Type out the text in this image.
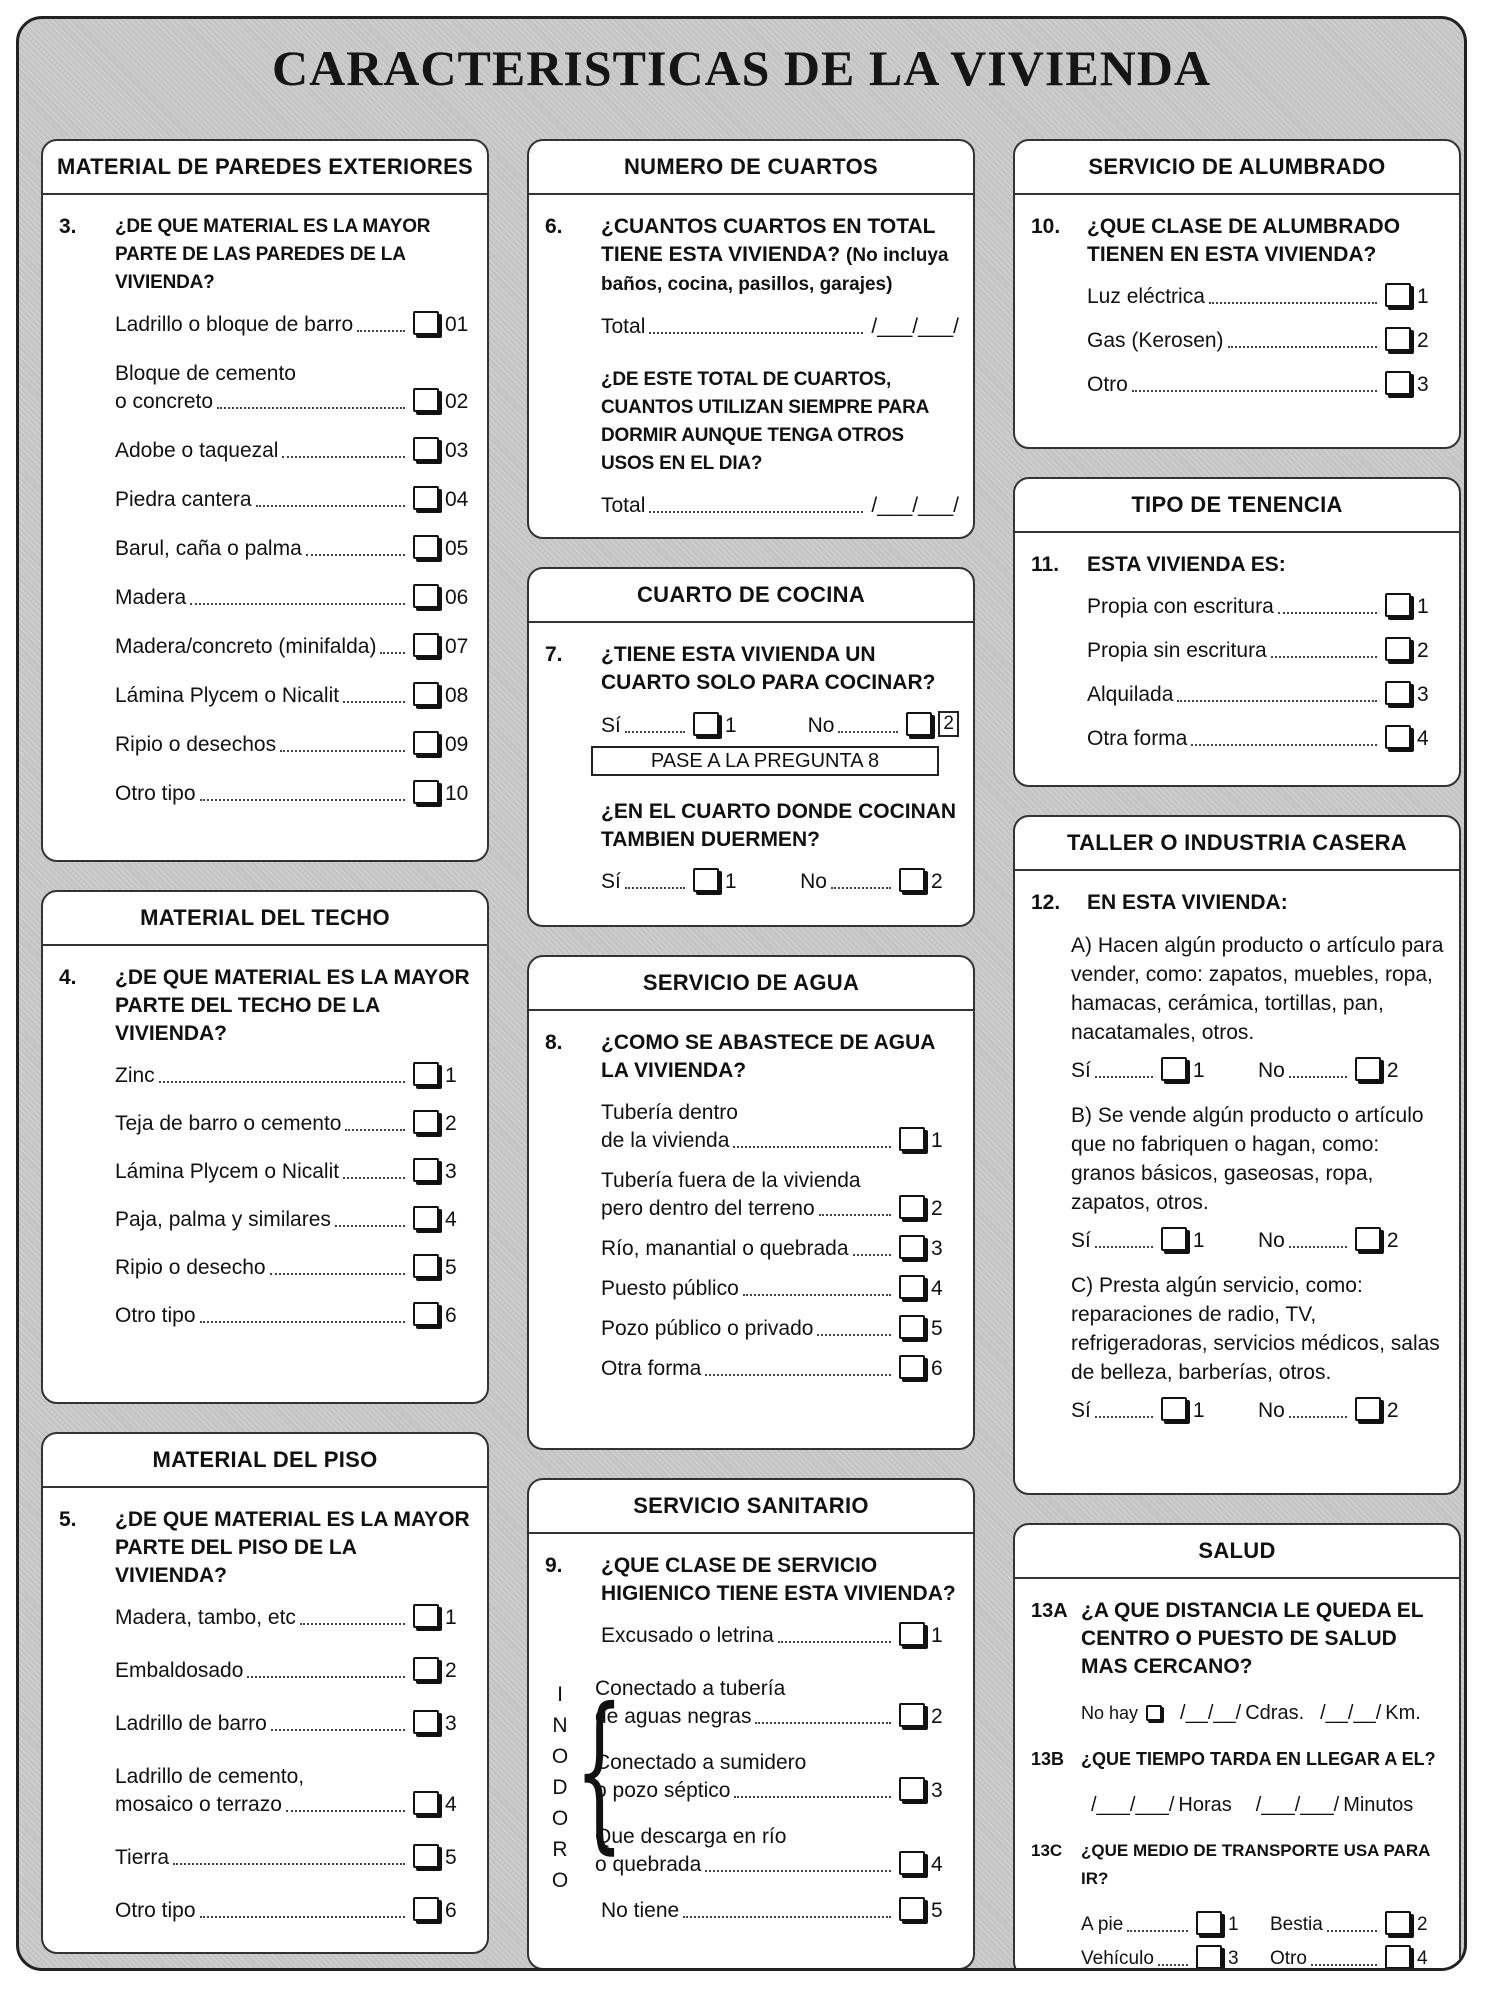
CARACTERISTICAS DE LA VIVIENDA
MATERIAL DE PAREDES EXTERIORES
3.	¿DE QUE MATERIAL ES LA MAYOR PARTE DE LAS PAREDES DE LA VIVIENDA?
Ladrillo o bloque de barro	01
Bloque de cemento
o concreto	02
Adobe o taquezal	03
Piedra cantera	04
Barul, caña o palma	05
Madera	06
Madera/concreto (minifalda)	07
Lámina Plycem o Nicalit	08
Ripio o desechos	09
Otro tipo	10
MATERIAL DEL TECHO
4.	¿DE QUE MATERIAL ES LA MAYOR PARTE DEL TECHO DE LA VIVIENDA?
Zinc	1
Teja de barro o cemento	2
Lámina Plycem o Nicalit	3
Paja, palma y similares	4
Ripio o desecho	5
Otro tipo	6
MATERIAL DEL PISO
5.	¿DE QUE MATERIAL ES LA MAYOR PARTE DEL PISO DE LA VIVIENDA?
Madera, tambo, etc	1
Embaldosado	2
Ladrillo de barro	3
Ladrillo de cemento,
mosaico o terrazo	4
Tierra	5
Otro tipo	6
NUMERO DE CUARTOS
6.	¿CUANTOS CUARTOS EN TOTAL TIENE ESTA VIVIENDA? (No incluya baños, cocina, pasillos, garajes)
Total	/___/___/
¿DE ESTE TOTAL DE CUARTOS, CUANTOS UTILIZAN SIEMPRE PARA DORMIR AUNQUE TENGA OTROS USOS EN EL DIA?
Total	/___/___/
CUARTO DE COCINA
7.	¿TIENE ESTA VIVIENDA UN CUARTO SOLO PARA COCINAR?
Sí	1	No	2
PASE A LA PREGUNTA 8
¿EN EL CUARTO DONDE COCINAN TAMBIEN DUERMEN?
Sí	1	No	2
SERVICIO DE AGUA
8.	¿COMO SE ABASTECE DE AGUA LA VIVIENDA?
Tubería dentro
de la vivienda	1
Tubería fuera de la vivienda
pero dentro del terreno	2
Río, manantial o quebrada	3
Puesto público	4
Pozo público o privado	5
Otra forma	6
SERVICIO SANITARIO
9.	¿QUE CLASE DE SERVICIO HIGIENICO TIENE ESTA VIVIENDA?
Excusado o letrina	1
I
N
O
D
O
R
O
{
Conectado a tubería
de aguas negras	2
Conectado a sumidero
o pozo séptico	3
Que descarga en río
o quebrada	4
No tiene	5
SERVICIO DE ALUMBRADO
10.	¿QUE CLASE DE ALUMBRADO TIENEN EN ESTA VIVIENDA?
Luz eléctrica	1
Gas (Kerosen)	2
Otro	3
TIPO DE TENENCIA
11.	ESTA VIVIENDA ES:
Propia con escritura	1
Propia sin escritura	2
Alquilada	3
Otra forma	4
TALLER O INDUSTRIA CASERA
12.	EN ESTA VIVIENDA:
A) Hacen algún producto o artículo para vender, como: zapatos, muebles, ropa, hamacas, cerámica, tortillas, pan, nacatamales, otros.
Sí	1	No	2
B) Se vende algún producto o artículo que no fabriquen o hagan, como: granos básicos, gaseosas, ropa, zapatos, otros.
Sí	1	No	2
C) Presta algún servicio, como: reparaciones de radio, TV, refrigeradoras, servicios médicos, salas de belleza, barberías, otros.
Sí	1	No	2
SALUD
13A ¿A QUE DISTANCIA LE QUEDA EL CENTRO O PUESTO DE SALUD MAS CERCANO?
No hay /__/__/ Cdras. /__/__/ Km.
13B ¿QUE TIEMPO TARDA EN LLEGAR A EL?
/___/___/ Horas /___/___/ Minutos
13C	¿QUE MEDIO DE TRANSPORTE USA PARA IR?
A pie	1	Bestia	2
Vehículo	3	Otro	4
